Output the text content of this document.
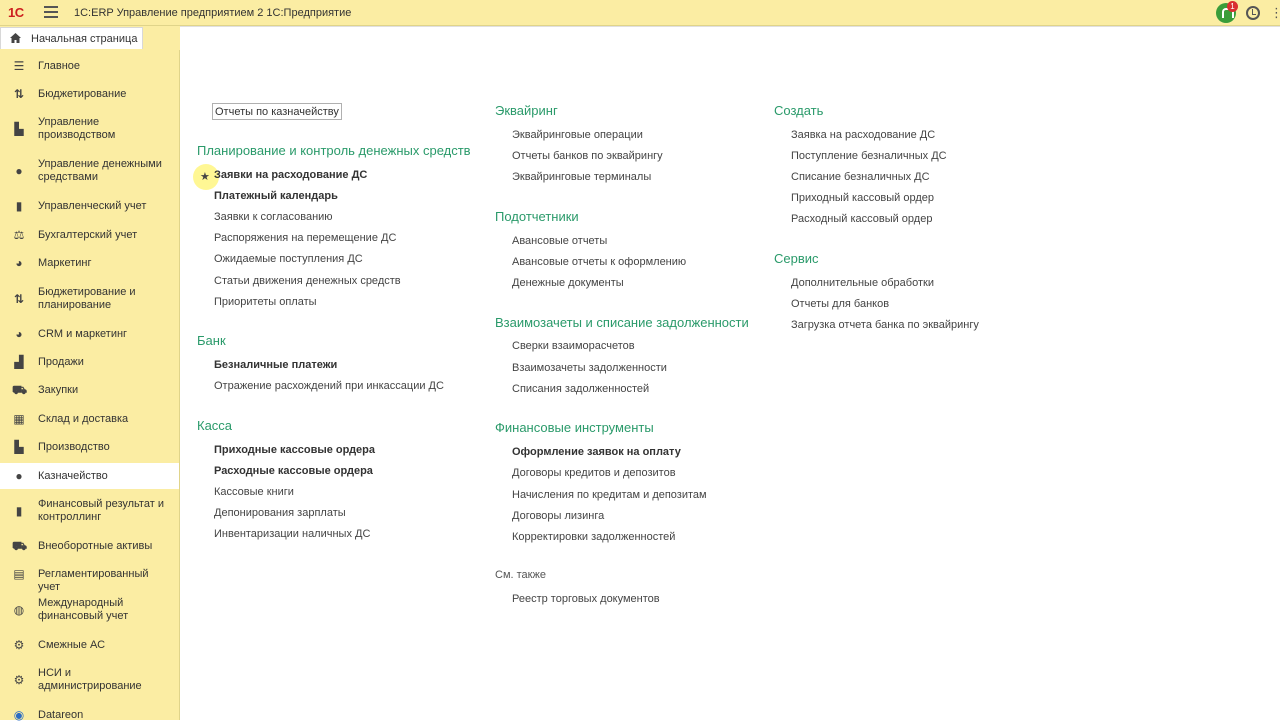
1С	1С:ERP Управление предприятием 2 1С:Предприятие
1	⋮
Начальная страница
☰ Главное
⇅ Бюджетирование
▙ Управление производством
●	Управление денежными средствами
▮	Управленческий учет
⚖ Бухгалтерский учет
◕	Маркетинг
⇅ Бюджетирование и планирование
◕	CRM и маркетинг
▟ Продажи
⛟ Закупки
▦ Склад и доставка
▙ Производство
●	Казначейство
▮	Финансовый результат и контроллинг
⛟ Внеоборотные активы
▤ Регламентированный учет
◍ Международный финансовый учет
⚙ Смежные АС
⚙ НСИ и администрирование
◉ Datareon
Отчеты по казначейству
Планирование и контроль денежных средств
★ Заявки на расходование ДС
Платежный календарь
Заявки к согласованию
Распоряжения на перемещение ДС
Ожидаемые поступления ДС
Статьи движения денежных средств
Приоритеты оплаты
Банк
Безналичные платежи
Отражение расхождений при инкассации ДС
Касса
Приходные кассовые ордера
Расходные кассовые ордера
Кассовые книги
Депонирования зарплаты
Инвентаризации наличных ДС
Эквайринг
Эквайринговые операции
Отчеты банков по эквайрингу
Эквайринговые терминалы
Подотчетники
Авансовые отчеты
Авансовые отчеты к оформлению
Денежные документы
Взаимозачеты и списание задолженности
Сверки взаиморасчетов
Взаимозачеты задолженности
Списания задолженностей
Финансовые инструменты
Оформление заявок на оплату
Договоры кредитов и депозитов
Начисления по кредитам и депозитам
Договоры лизинга
Корректировки задолженностей
См. также
Реестр торговых документов
Создать
Заявка на расходование ДС
Поступление безналичных ДС
Списание безналичных ДС
Приходный кассовый ордер
Расходный кассовый ордер
Сервис
Дополнительные обработки
Отчеты для банков
Загрузка отчета банка по эквайрингу
